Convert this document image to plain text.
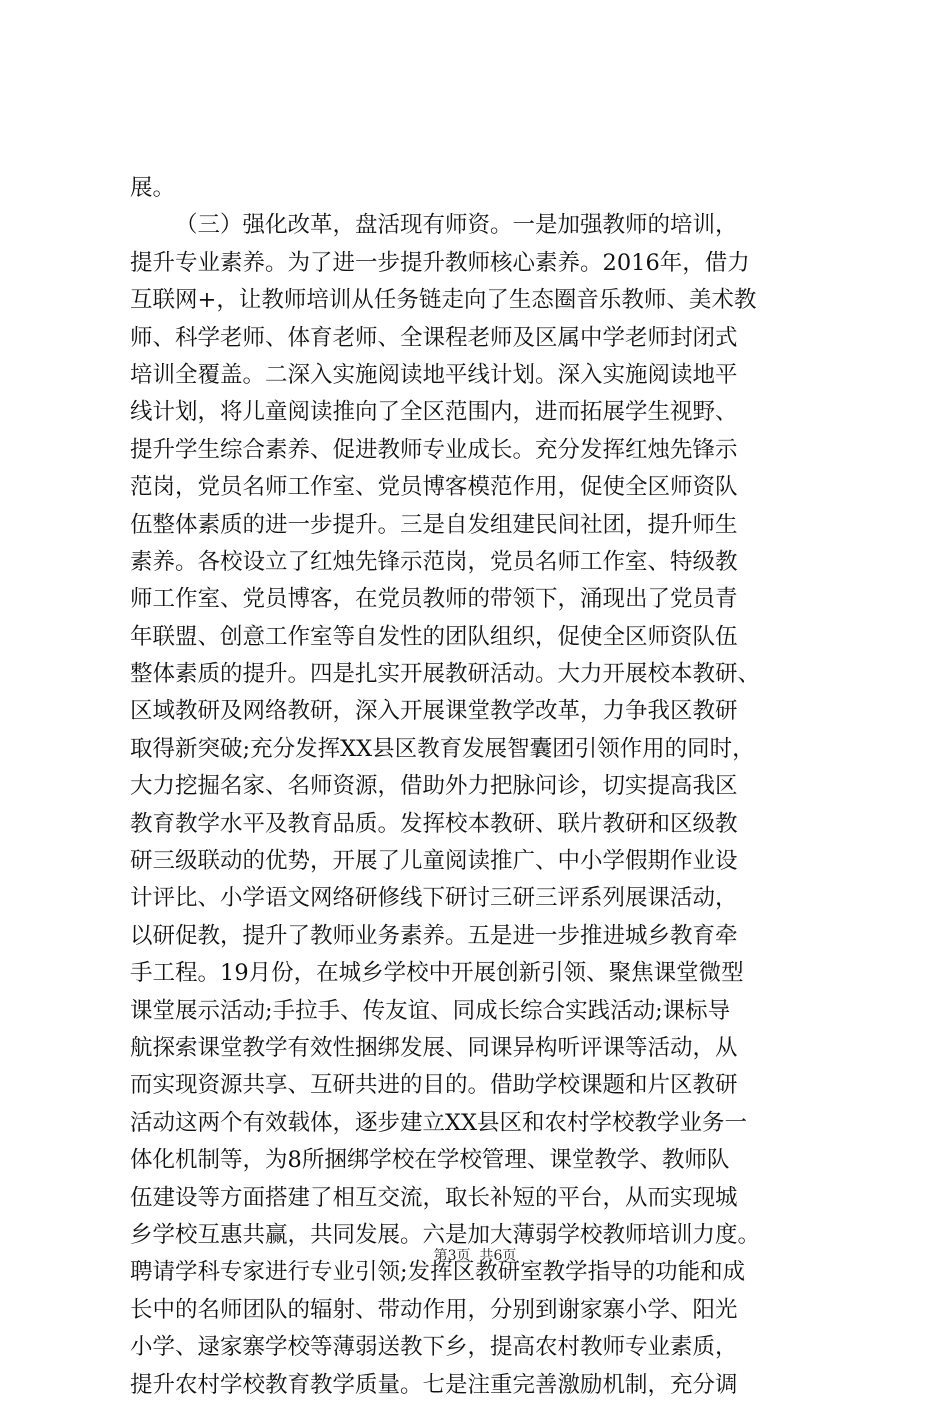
展。
（三）强化改革，盘活现有师资。一是加强教师的培训，
提升专业素养。为了进一步提升教师核心素养。2016年，借力
互联网+，让教师培训从任务链走向了生态圈音乐教师、美术教
师、科学老师、体育老师、全课程老师及区属中学老师封闭式
培训全覆盖。二深入实施阅读地平线计划。深入实施阅读地平
线计划，将儿童阅读推向了全区范围内，进而拓展学生视野、
提升学生综合素养、促进教师专业成长。充分发挥红烛先锋示
范岗，党员名师工作室、党员博客模范作用，促使全区师资队
伍整体素质的进一步提升。三是自发组建民间社团，提升师生
素养。各校设立了红烛先锋示范岗，党员名师工作室、特级教
师工作室、党员博客，在党员教师的带领下，涌现出了党员青
年联盟、创意工作室等自发性的团队组织，促使全区师资队伍
整体素质的提升。四是扎实开展教研活动。大力开展校本教研、
区域教研及网络教研，深入开展课堂教学改革，力争我区教研
取得新突破;充分发挥XX县区教育发展智囊团引领作用的同时，
大力挖掘名家、名师资源，借助外力把脉问诊，切实提高我区
教育教学水平及教育品质。发挥校本教研、联片教研和区级教
研三级联动的优势，开展了儿童阅读推广、中小学假期作业设
计评比、小学语文网络研修线下研讨三研三评系列展课活动，
以研促教，提升了教师业务素养。五是进一步推进城乡教育牵
手工程。19月份，在城乡学校中开展创新引领、聚焦课堂微型
课堂展示活动;手拉手、传友谊、同成长综合实践活动;课标导
航探索课堂教学有效性捆绑发展、同课异构听评课等活动，从
而实现资源共享、互研共进的目的。借助学校课题和片区教研
活动这两个有效载体，逐步建立XX县区和农村学校教学业务一
体化机制等，为8所捆绑学校在学校管理、课堂教学、教师队
伍建设等方面搭建了相互交流，取长补短的平台，从而实现城
乡学校互惠共赢，共同发展。六是加大薄弱学校教师培训力度。
聘请学科专家进行专业引领;发挥区教研室教学指导的功能和成
长中的名师团队的辐射、带动作用，分别到谢家寨小学、阳光
小学、逯家寨学校等薄弱送教下乡，提高农村教师专业素质，
提升农村学校教育教学质量。七是注重完善激励机制，充分调
第3页  共6页
